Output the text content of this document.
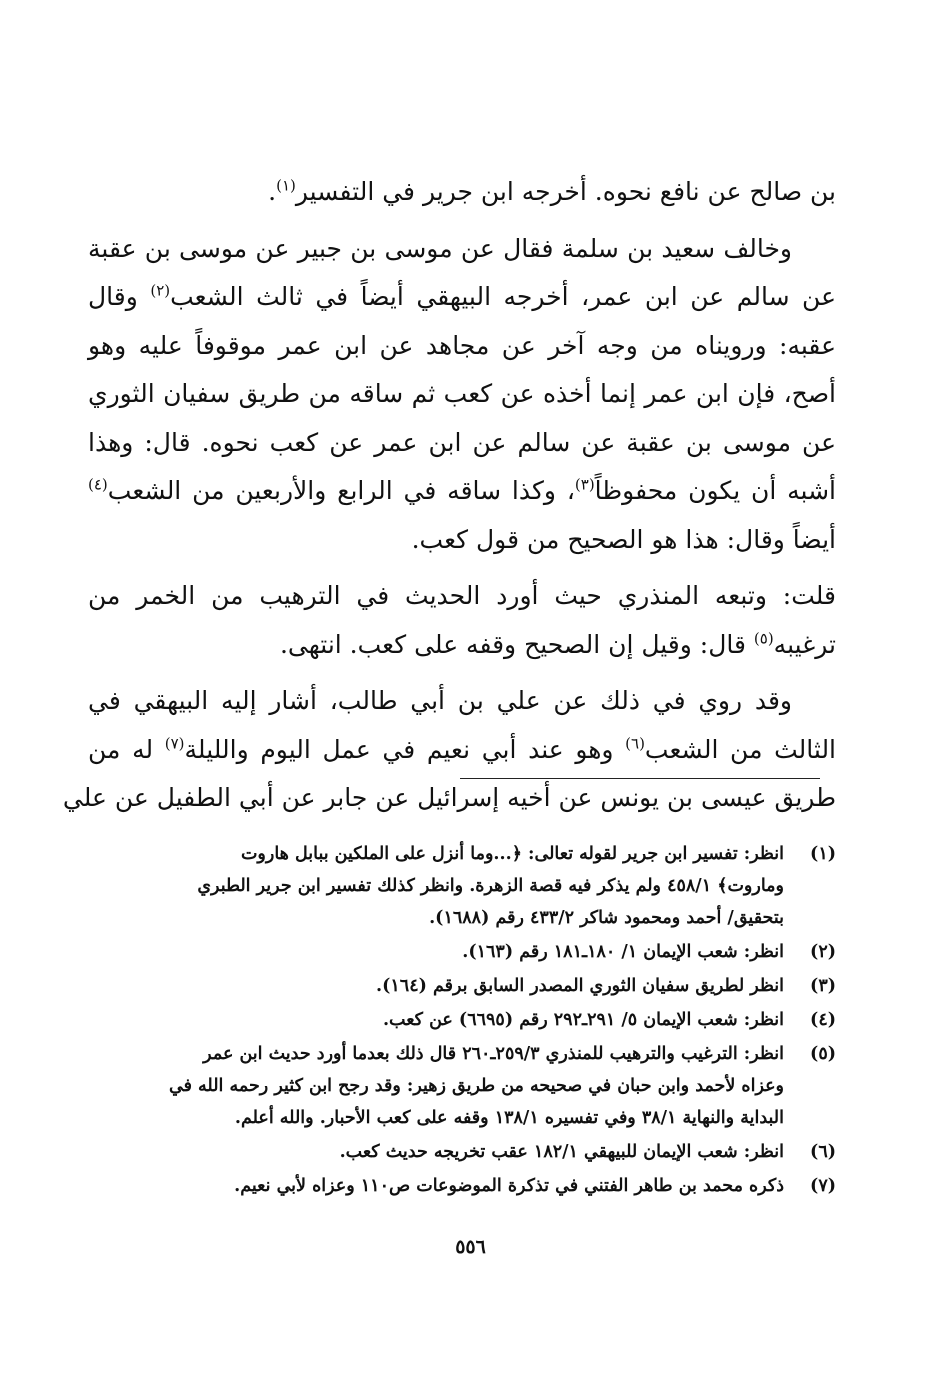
بن صالح عن نافع نحوه. أخرجه ابن جرير في التفسير$^{(١)}$.

وخالف سعيد بن سلمة فقال عن موسى بن جبير عن موسى بن عقبة
عن سالم عن ابن عمر، أخرجه البيهقي أيضاً في ثالث الشعب$^{(٢)}$ وقال
عقبه: ورويناه من وجه آخر عن مجاهد عن ابن عمر موقوفاً عليه وهو
أصح، فإن ابن عمر إنما أخذه عن كعب ثم ساقه من طريق سفيان الثوري
عن موسى بن عقبة عن سالم عن ابن عمر عن كعب نحوه. قال: وهذا
أشبه أن يكون محفوظاً$^{(٣)}$، وكذا ساقه في الرابع والأربعين من الشعب$^{(٤)}$
أيضاً وقال: هذا هو الصحيح من قول كعب.

قلت: وتبعه المنذري حيث أورد الحديث في الترهيب من الخمر من
ترغيبه$^{(٥)}$ قال: وقيل إن الصحيح وقفه على كعب. انتهى.

وقد روي في ذلك عن علي بن أبي طالب، أشار إليه البيهقي في
الثالث من الشعب$^{(٦)}$ وهو عند أبي نعيم في عمل اليوم والليلة$^{(٧)}$ له من
طريق عيسى بن يونس عن أخيه إسرائيل عن جابر عن أبي الطفيل عن علي

(١)
انظر: تفسير ابن جرير لقوله تعالى: ﴿...وما أنزل على الملكين ببابل هاروت
وماروت﴾ ٤٥٨/١ ولم يذكر فيه قصة الزهرة. وانظر كذلك تفسير ابن جرير الطبري
بتحقيق/ أحمد ومحمود شاكر ٤٣٣/٢ رقم (١٦٨٨).
(٢)
انظر: شعب الإيمان ١/ ١٨٠ـ١٨١ رقم (١٦٣).
(٣)
انظر لطريق سفيان الثوري المصدر السابق برقم (١٦٤).
(٤)
انظر: شعب الإيمان ٥/ ٢٩١ـ٢٩٢ رقم (٦٦٩٥) عن كعب.
(٥)
انظر: الترغيب والترهيب للمنذري ٢٥٩/٣ـ٢٦٠ قال ذلك بعدما أورد حديث ابن عمر
وعزاه لأحمد وابن حبان في صحيحه من طريق زهير: وقد رجح ابن كثير رحمه الله في
البداية والنهاية ٣٨/١ وفي تفسيره ١٣٨/١ وقفه على كعب الأحبار. والله أعلم.
(٦)
انظر: شعب الإيمان للبيهقي ١٨٢/١ عقب تخريجه حديث كعب.
(٧)
ذكره محمد بن طاهر الفتني في تذكرة الموضوعات ص١١٠ وعزاه لأبي نعيم.
٥٥٦
